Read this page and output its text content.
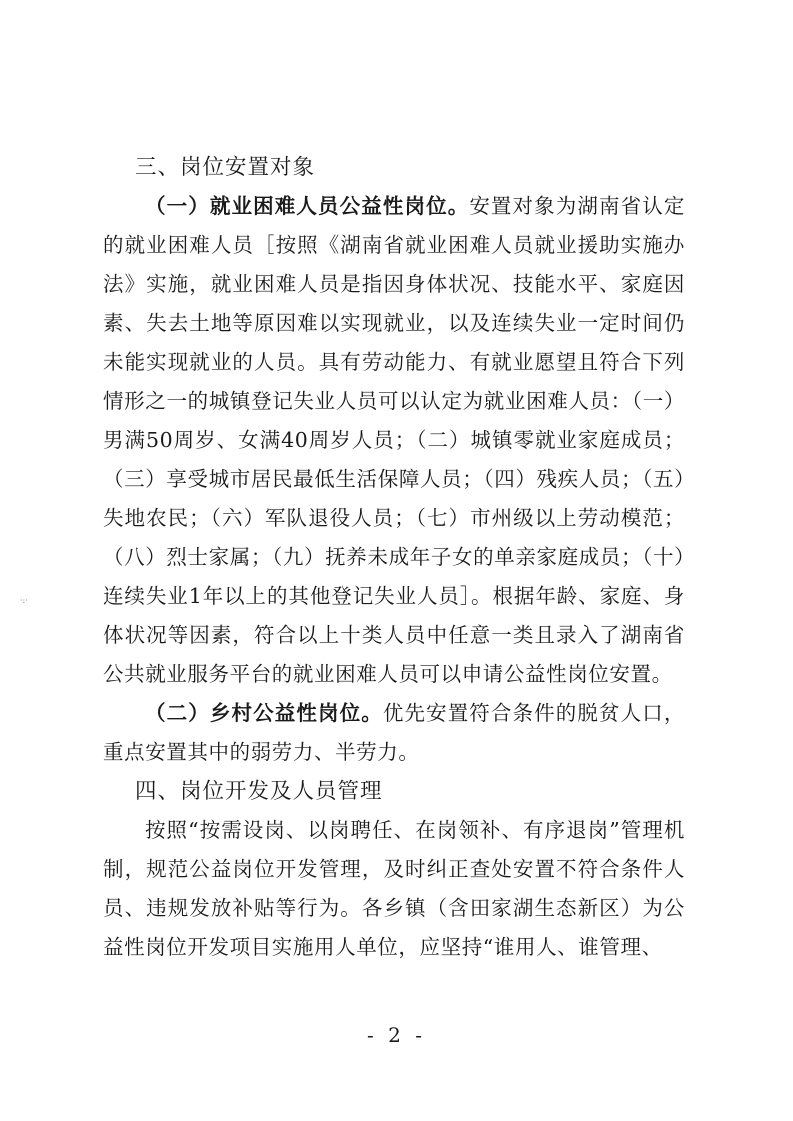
三、岗位安置对象

（一）就业困难人员公益性岗位。安置对象为湖南省认定的就业困难人员［按照《湖南省就业困难人员就业援助实施办法》实施，就业困难人员是指因身体状况、技能水平、家庭因素、失去土地等原因难以实现就业，以及连续失业一定时间仍未能实现就业的人员。具有劳动能力、有就业愿望且符合下列情形之一的城镇登记失业人员可以认定为就业困难人员：（一）男满50周岁、女满40周岁人员；（二）城镇零就业家庭成员；（三）享受城市居民最低生活保障人员；（四）残疾人员；（五）失地农民；（六）军队退役人员；（七）市州级以上劳动模范；（八）烈士家属；（九）抚养未成年子女的单亲家庭成员；（十）连续失业1年以上的其他登记失业人员］。根据年龄、家庭、身体状况等因素，符合以上十类人员中任意一类且录入了湖南省公共就业服务平台的就业困难人员可以申请公益性岗位安置。

（二）乡村公益性岗位。优先安置符合条件的脱贫人口，重点安置其中的弱劳力、半劳力。

四、岗位开发及人员管理

按照“按需设岗、以岗聘任、在岗领补、有序退岗”管理机制，规范公益岗位开发管理，及时纠正查处安置不符合条件人员、违规发放补贴等行为。各乡镇（含田家湖生态新区）为公益性岗位开发项目实施用人单位，应坚持“谁用人、谁管理、

·:·
- 2 -
